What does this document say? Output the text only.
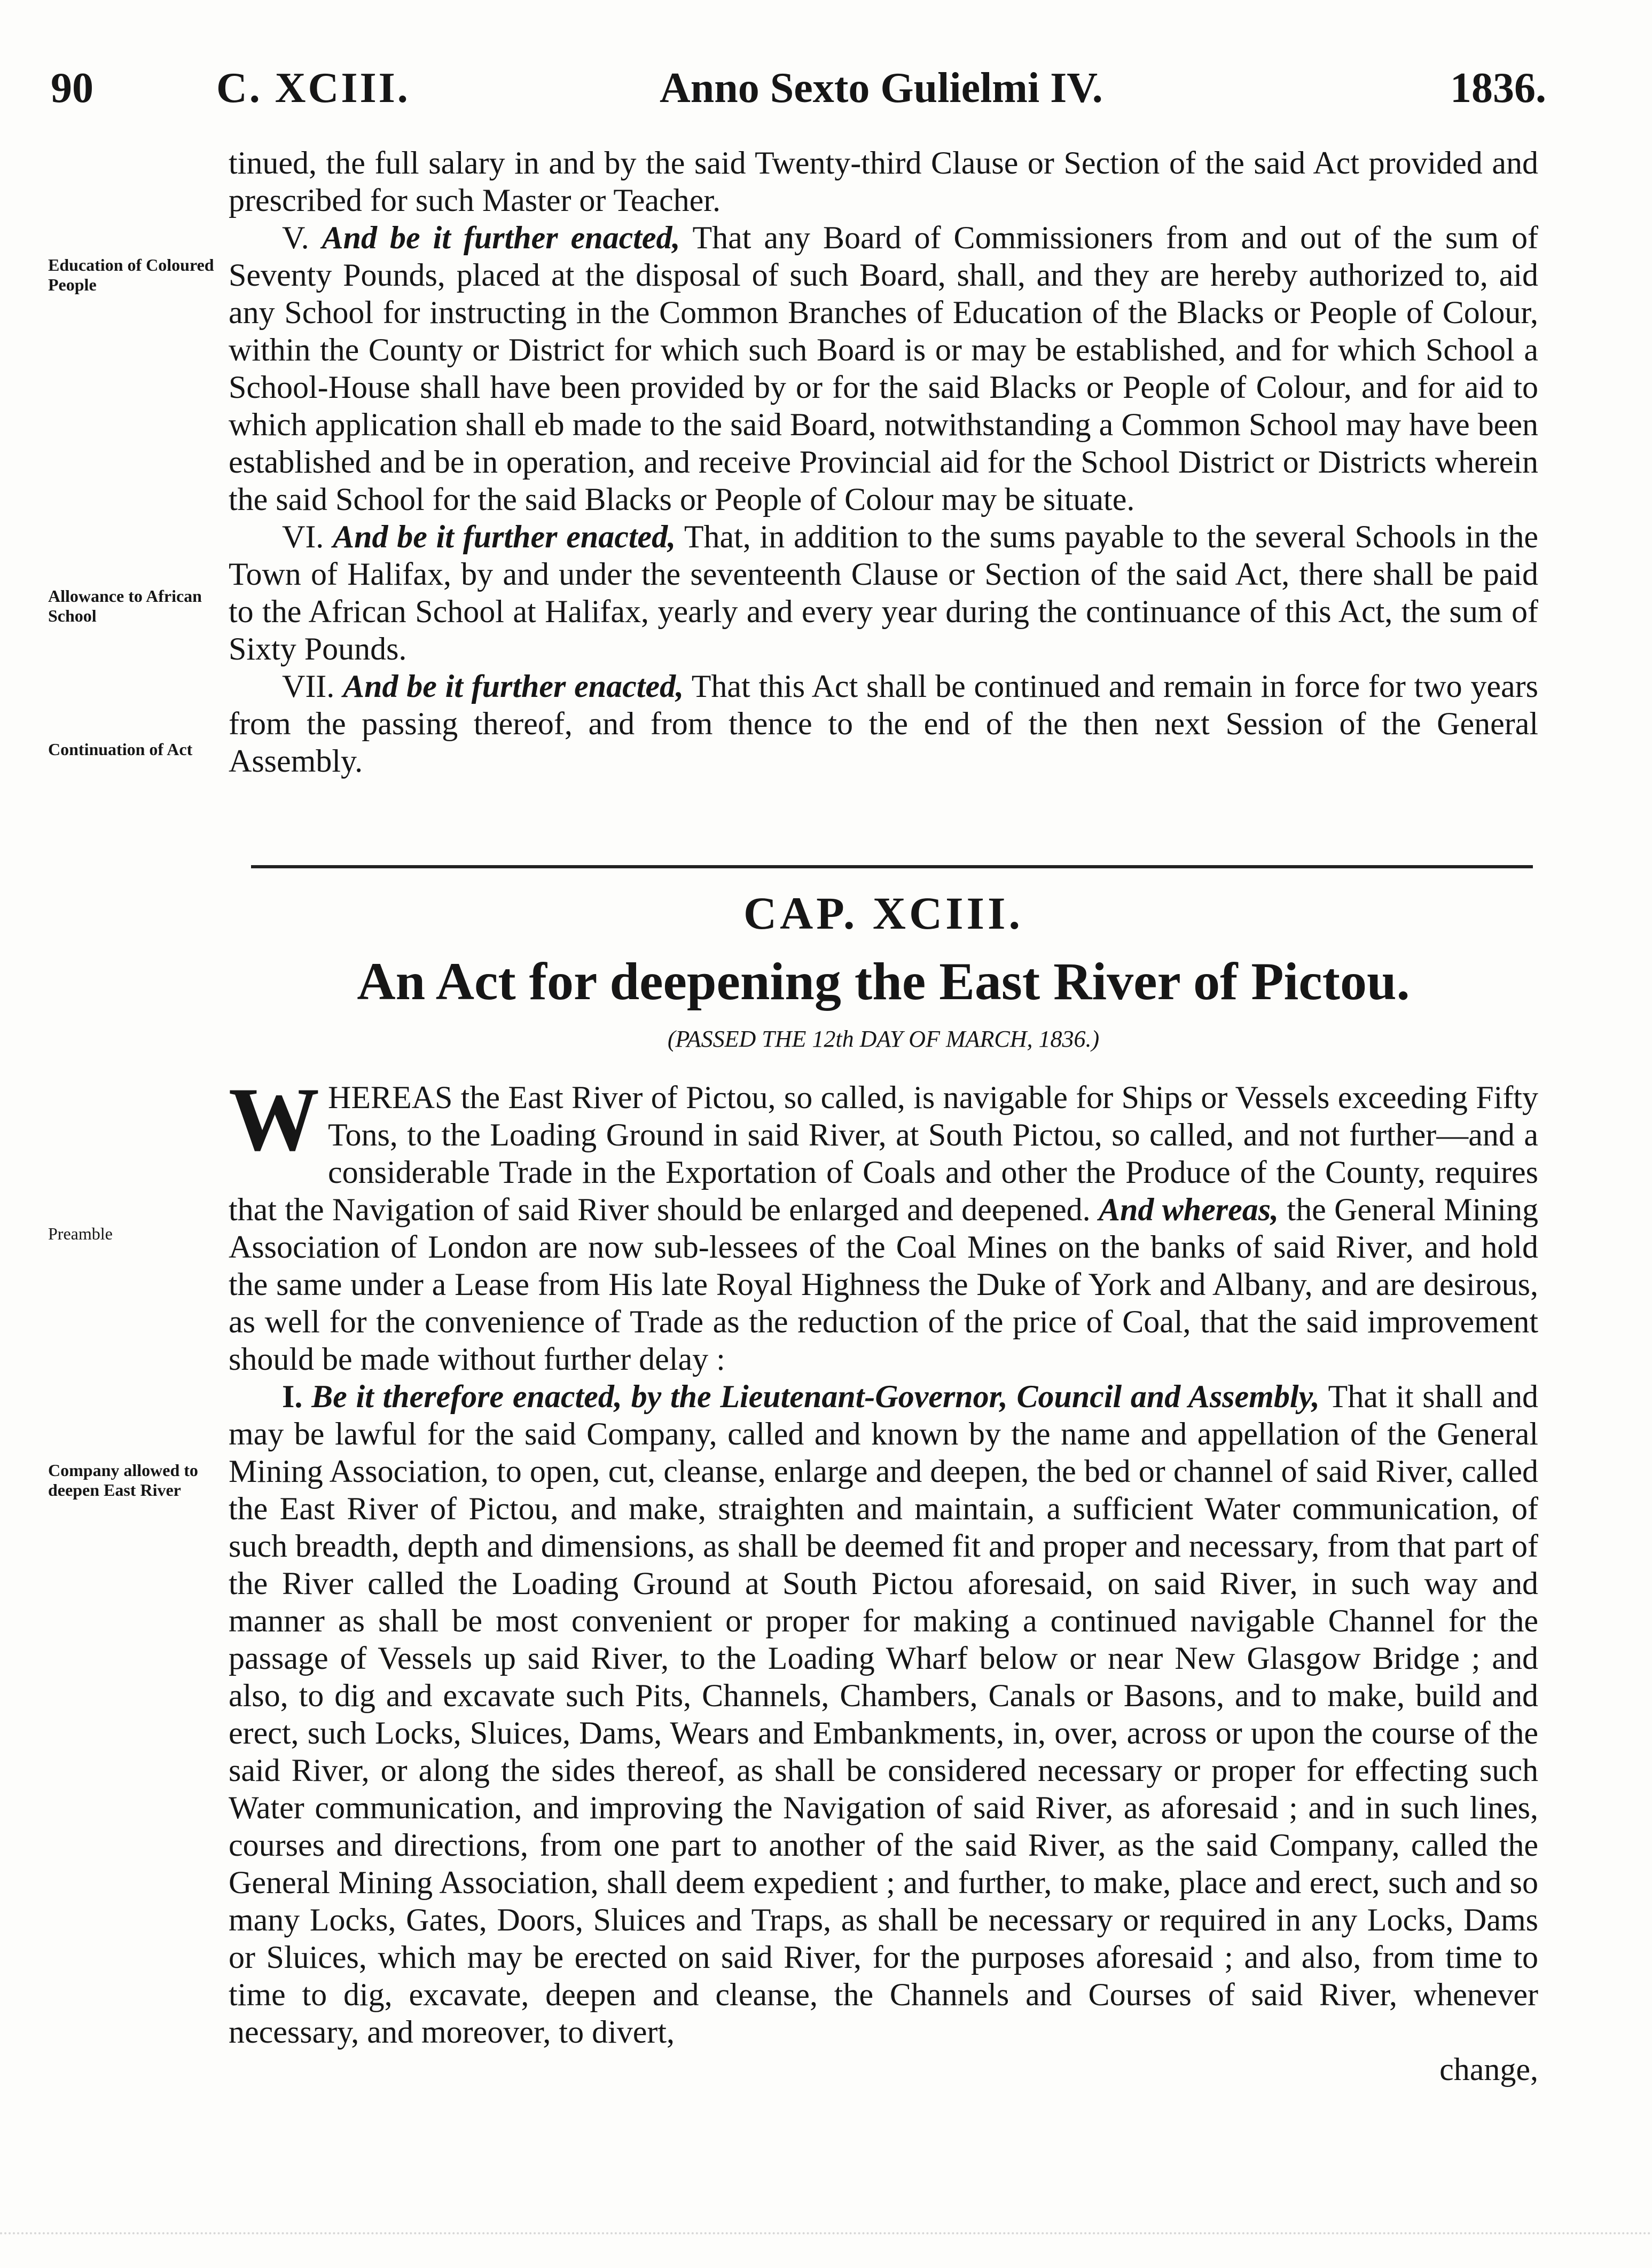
90	C. XCIII.	Anno Sexto Gulielmi IV.	1836.
Education of Coloured People
Allowance to African School
Continuation of Act
Preamble
Company allowed to deepen East River

tinued, the full salary in and by the said Twenty-third Clause or Section of the said Act provided and prescribed for such Master or Teacher.

V. And be it further enacted, That any Board of Commissioners from and out of the sum of Seventy Pounds, placed at the disposal of such Board, shall, and they are hereby authorized to, aid any School for instructing in the Common Branches of Education of the Blacks or People of Colour, within the County or District for which such Board is or may be established, and for which School a School-House shall have been provided by or for the said Blacks or People of Colour, and for aid to which application shall eb made to the said Board, notwithstanding a Common School may have been established and be in operation, and receive Provincial aid for the School District or Districts wherein the said School for the said Blacks or People of Colour may be situate.

VI. And be it further enacted, That, in addition to the sums payable to the several Schools in the Town of Halifax, by and under the seventeenth Clause or Section of the said Act, there shall be paid to the African School at Halifax, yearly and every year during the continuance of this Act, the sum of Sixty Pounds.

VII. And be it further enacted, That this Act shall be continued and remain in force for two years from the passing thereof, and from thence to the end of the then next Session of the General Assembly.

CAP. XCIII.
An Act for deepening the East River of Pictou.
(PASSED THE 12th DAY OF MARCH, 1836.)

W HEREAS the East River of Pictou, so called, is navigable for Ships or Vessels exceeding Fifty Tons, to the Loading Ground in said River, at South Pictou, so called, and not further—and a considerable Trade in the Exportation of Coals and other the Produce of the County, requires that the Navigation of said River should be enlarged and deepened. And whereas, the General Mining Association of London are now sub-lessees of the Coal Mines on the banks of said River, and hold the same under a Lease from His late Royal Highness the Duke of York and Albany, and are desirous, as well for the convenience of Trade as the reduction of the price of Coal, that the said improvement should be made without further delay :

I. Be it therefore enacted, by the Lieutenant-Governor, Council and Assembly, That it shall and may be lawful for the said Company, called and known by the name and appellation of the General Mining Association, to open, cut, cleanse, enlarge and deepen, the bed or channel of said River, called the East River of Pictou, and make, straighten and maintain, a sufficient Water communication, of such breadth, depth and dimensions, as shall be deemed fit and proper and necessary, from that part of the River called the Loading Ground at South Pictou aforesaid, on said River, in such way and manner as shall be most convenient or proper for making a continued navigable Channel for the passage of Vessels up said River, to the Loading Wharf below or near New Glasgow Bridge ; and also, to dig and excavate such Pits, Channels, Chambers, Canals or Basons, and to make, build and erect, such Locks, Sluices, Dams, Wears and Embankments, in, over, across or upon the course of the said River, or along the sides thereof, as shall be considered necessary or proper for effecting such Water communication, and improving the Navigation of said River, as aforesaid ; and in such lines, courses and directions, from one part to another of the said River, as the said Company, called the General Mining Association, shall deem expedient ; and further, to make, place and erect, such and so many Locks, Gates, Doors, Sluices and Traps, as shall be necessary or required in any Locks, Dams or Sluices, which may be erected on said River, for the purposes aforesaid ; and also, from time to time to dig, excavate, deepen and cleanse, the Channels and Courses of said River, whenever necessary, and moreover, to divert,

change,
